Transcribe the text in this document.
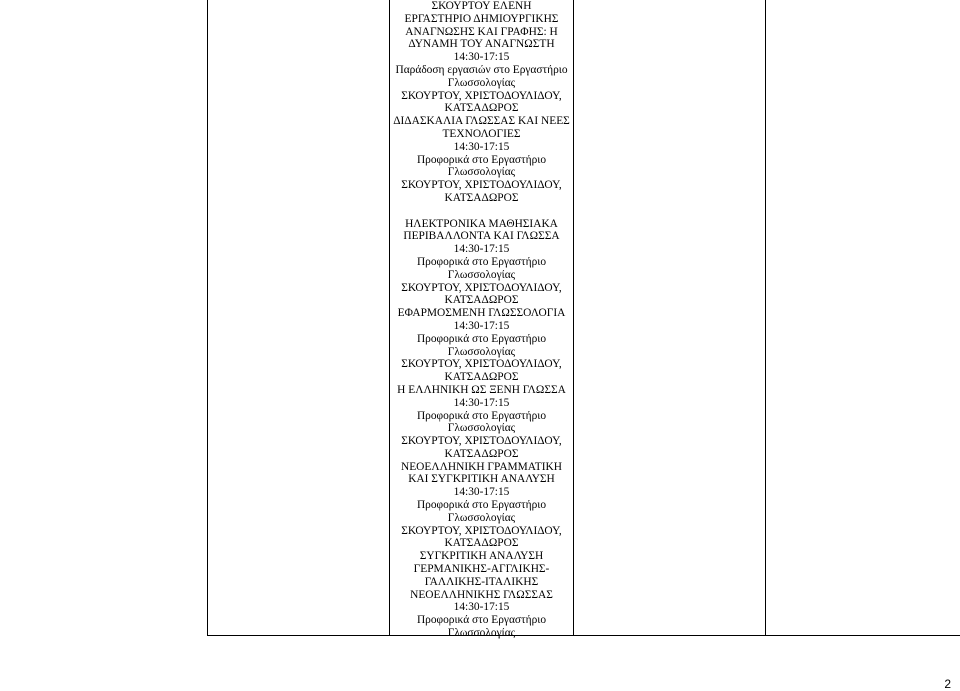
ΣΚΟΥΡΤΟΥ ΕΛΕΝΗ
ΕΡΓΑΣΤΗΡΙΟ ΔΗΜΙΟΥΡΓΙΚΗΣ
ΑΝΑΓΝΩΣΗΣ ΚΑΙ ΓΡΑΦΗΣ: Η
ΔΥΝΑΜΗ ΤΟΥ ΑΝΑΓΝΩΣΤΗ
14:30-17:15
Παράδοση εργασιών στο Εργαστήριο
Γλωσσολογίας
ΣΚΟΥΡΤΟΥ, ΧΡΙΣΤΟΔΟΥΛΙΔΟΥ,
ΚΑΤΣΑΔΩΡΟΣ
ΔΙΔΑΣΚΑΛΙΑ ΓΛΩΣΣΑΣ ΚΑΙ ΝΕΕΣ
ΤΕΧΝΟΛΟΓΙΕΣ
14:30-17:15
Προφορικά στο Εργαστήριο
Γλωσσολογίας
ΣΚΟΥΡΤΟΥ, ΧΡΙΣΤΟΔΟΥΛΙΔΟΥ,
ΚΑΤΣΑΔΩΡΟΣ
ΗΛΕΚΤΡΟΝΙΚΑ ΜΑΘΗΣΙΑΚΑ
ΠΕΡΙΒΑΛΛΟΝΤΑ ΚΑΙ ΓΛΩΣΣΑ
14:30-17:15
Προφορικά στο Εργαστήριο
Γλωσσολογίας
ΣΚΟΥΡΤΟΥ, ΧΡΙΣΤΟΔΟΥΛΙΔΟΥ,
ΚΑΤΣΑΔΩΡΟΣ
ΕΦΑΡΜΟΣΜΕΝΗ ΓΛΩΣΣΟΛΟΓΙΑ
14:30-17:15
Προφορικά στο Εργαστήριο
Γλωσσολογίας
ΣΚΟΥΡΤΟΥ, ΧΡΙΣΤΟΔΟΥΛΙΔΟΥ,
ΚΑΤΣΑΔΩΡΟΣ
Η ΕΛΛΗΝΙΚΗ ΩΣ ΞΕΝΗ ΓΛΩΣΣΑ
14:30-17:15
Προφορικά στο Εργαστήριο
Γλωσσολογίας
ΣΚΟΥΡΤΟΥ, ΧΡΙΣΤΟΔΟΥΛΙΔΟΥ,
ΚΑΤΣΑΔΩΡΟΣ
ΝΕΟΕΛΛΗΝΙΚΗ ΓΡΑΜΜΑΤΙΚΗ
ΚΑΙ ΣΥΓΚΡΙΤΙΚΗ ΑΝΑΛΥΣΗ
14:30-17:15
Προφορικά στο Εργαστήριο
Γλωσσολογίας
ΣΚΟΥΡΤΟΥ, ΧΡΙΣΤΟΔΟΥΛΙΔΟΥ,
ΚΑΤΣΑΔΩΡΟΣ
ΣΥΓΚΡΙΤΙΚΗ ΑΝΑΛΥΣΗ
ΓΕΡΜΑΝΙΚΗΣ-ΑΓΓΛΙΚΗΣ-
ΓΑΛΛΙΚΗΣ-ΙΤΑΛΙΚΗΣ
ΝΕΟΕΛΛΗΝΙΚΗΣ ΓΛΩΣΣΑΣ
14:30-17:15
Προφορικά στο Εργαστήριο
Γλωσσολογίας
2
